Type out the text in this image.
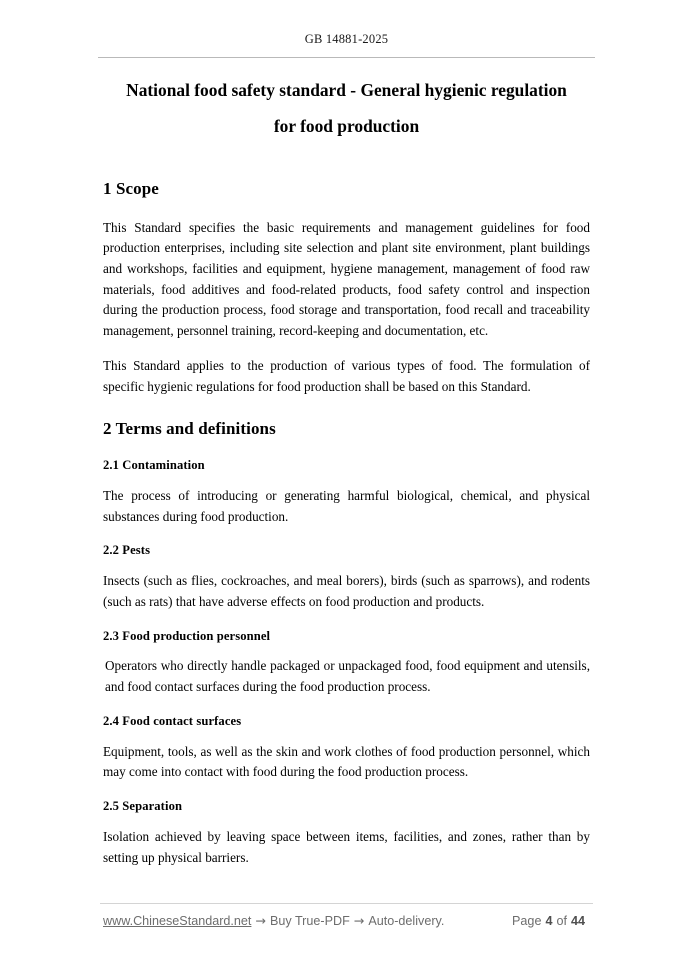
GB 14881-2025
National food safety standard - General hygienic regulation
for food production
1 Scope

This Standard specifies the basic requirements and management guidelines for food production enterprises, including site selection and plant site environment, plant buildings and workshops, facilities and equipment, hygiene management, management of food raw materials, food additives and food-related products, food safety control and inspection during the production process, food storage and transportation, food recall and traceability management, personnel training, record-keeping and documentation, etc.

This Standard applies to the production of various types of food. The formulation of specific hygienic regulations for food production shall be based on this Standard.

2 Terms and definitions
2.1 Contamination

The process of introducing or generating harmful biological, chemical, and physical substances during food production.

2.2 Pests

Insects (such as flies, cockroaches, and meal borers), birds (such as sparrows), and rodents (such as rats) that have adverse effects on food production and products.

2.3 Food production personnel

Operators who directly handle packaged or unpackaged food, food equipment and utensils, and food contact surfaces during the food production process.

2.4 Food contact surfaces

Equipment, tools, as well as the skin and work clothes of food production personnel, which may come into contact with food during the food production process.

2.5 Separation

Isolation achieved by leaving space between items, facilities, and zones, rather than by setting up physical barriers.

www.ChineseStandard.net → Buy True-PDF → Auto-delivery.	Page 4 of 44
